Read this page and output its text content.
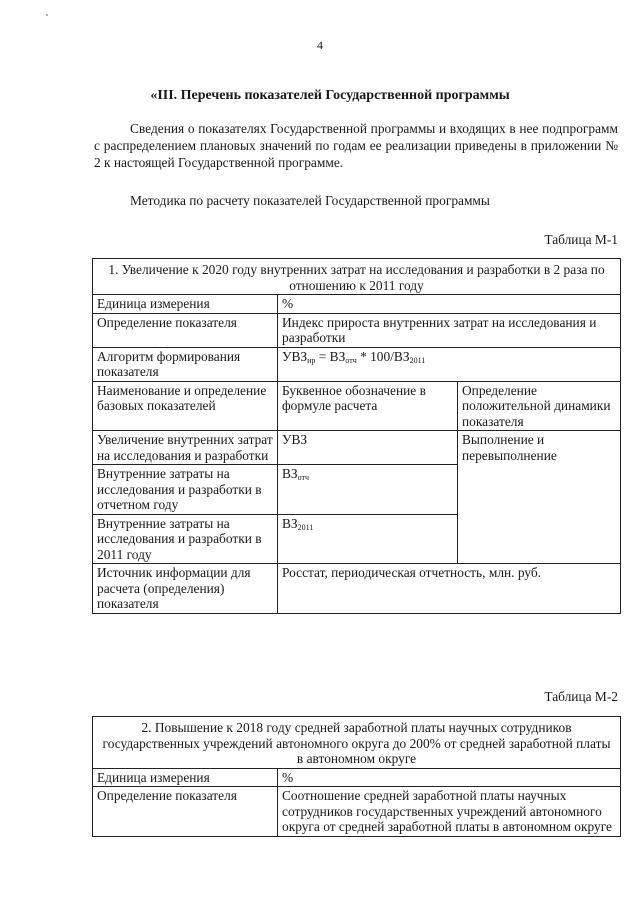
4
«III. Перечень показателей Государственной программы
Сведения о показателях Государственной программы и входящих в нее подпрограмм с распределением плановых значений по годам ее реализации приведены в приложении № 2 к настоящей Государственной программе.
Методика по расчету показателей Государственной программы
Таблица М-1
1. Увеличение к 2020 году внутренних затрат на исследования и разработки в 2 раза по отношению к 2011 году		
Единица измерения	%	
Определение показателя	Индекс прироста внутренних затрат на исследования и разработки	
Алгоритм формирования показателя	$УВЗ_{ир} = ВЗ_{отч} * 100/ВЗ_{2011}$
Наименование и определение базовых показателей	Буквенное обозначение в формуле расчета	Определение положительной динамики показателя
Увеличение внутренних затрат на исследования и разработки	УВЗ	Выполнение и перевыполнение
Внутренние затраты на исследования и разработки в отчетном году	$ВЗ_{отч}$
Внутренние затраты на исследования и разработки в 2011 году	$ВЗ_{2011}$
Источник информации для расчета (определения) показателя	Росстат, периодическая отчетность, млн. руб.	
Таблица М-2
2. Повышение к 2018 году средней заработной платы научных сотрудников государственных учреждений автономного округа до 200% от средней заработной платы в автономном округе	
Единица измерения	%
Определение показателя	Соотношение средней заработной платы научных сотрудников государственных учреждений автономного округа от средней заработной платы в автономном округе
